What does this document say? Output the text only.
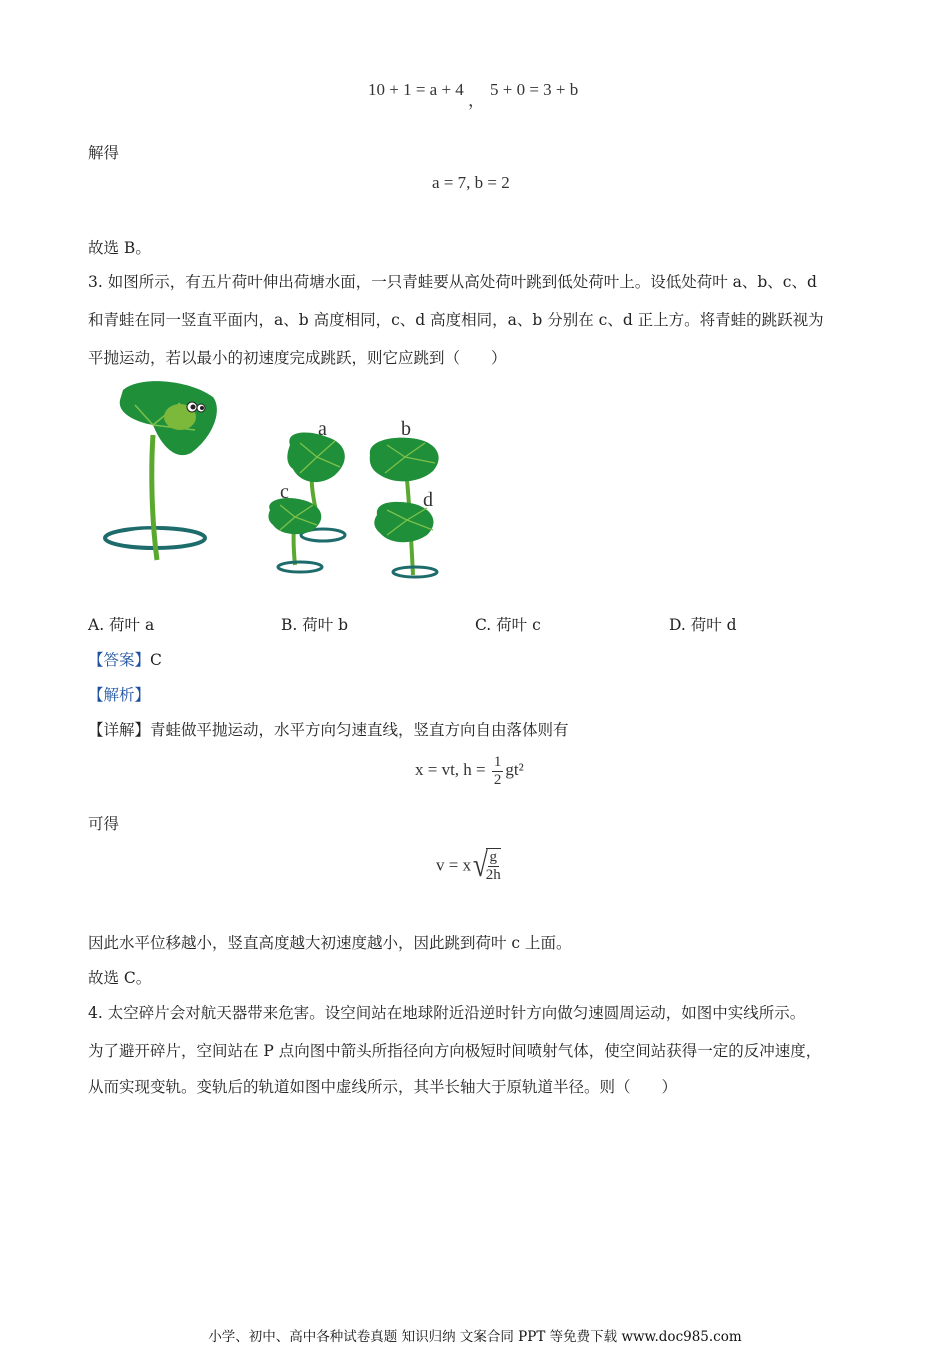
10 + 1 = a + 4
，
5 + 0 = 3 + b
解得
a = 7, b = 2
故选 B。
3. 如图所示，有五片荷叶伸出荷塘水面，一只青蛙要从高处荷叶跳到低处荷叶上。设低处荷叶 a、b、c、d
和青蛙在同一竖直平面内，a、b 高度相同，c、d 高度相同，a、b 分别在 c、d 正上方。将青蛙的跳跃视为
平抛运动，若以最小的初速度完成跳跃，则它应跳到（　　）
a	b
c	d
A. 荷叶 a	B. 荷叶 b	C. 荷叶 c	D. 荷叶 d
【答案】C
【解析】
【详解】青蛙做平抛运动，水平方向匀速直线，竖直方向自由落体则有
x = vt, $h = \frac{1}{2} gt^2$
可得
v = x√
$\frac{g}{2h}$
因此水平位移越小，竖直高度越大初速度越小，因此跳到荷叶 c 上面。
故选 C。
4. 太空碎片会对航天器带来危害。设空间站在地球附近沿逆时针方向做匀速圆周运动，如图中实线所示。
为了避开碎片，空间站在 P 点向图中箭头所指径向方向极短时间喷射气体，使空间站获得一定的反冲速度，
从而实现变轨。变轨后的轨道如图中虚线所示，其半长轴大于原轨道半径。则（　　）
小学、初中、高中各种试卷真题 知识归纳 文案合同 PPT 等免费下载 www.doc985.com
